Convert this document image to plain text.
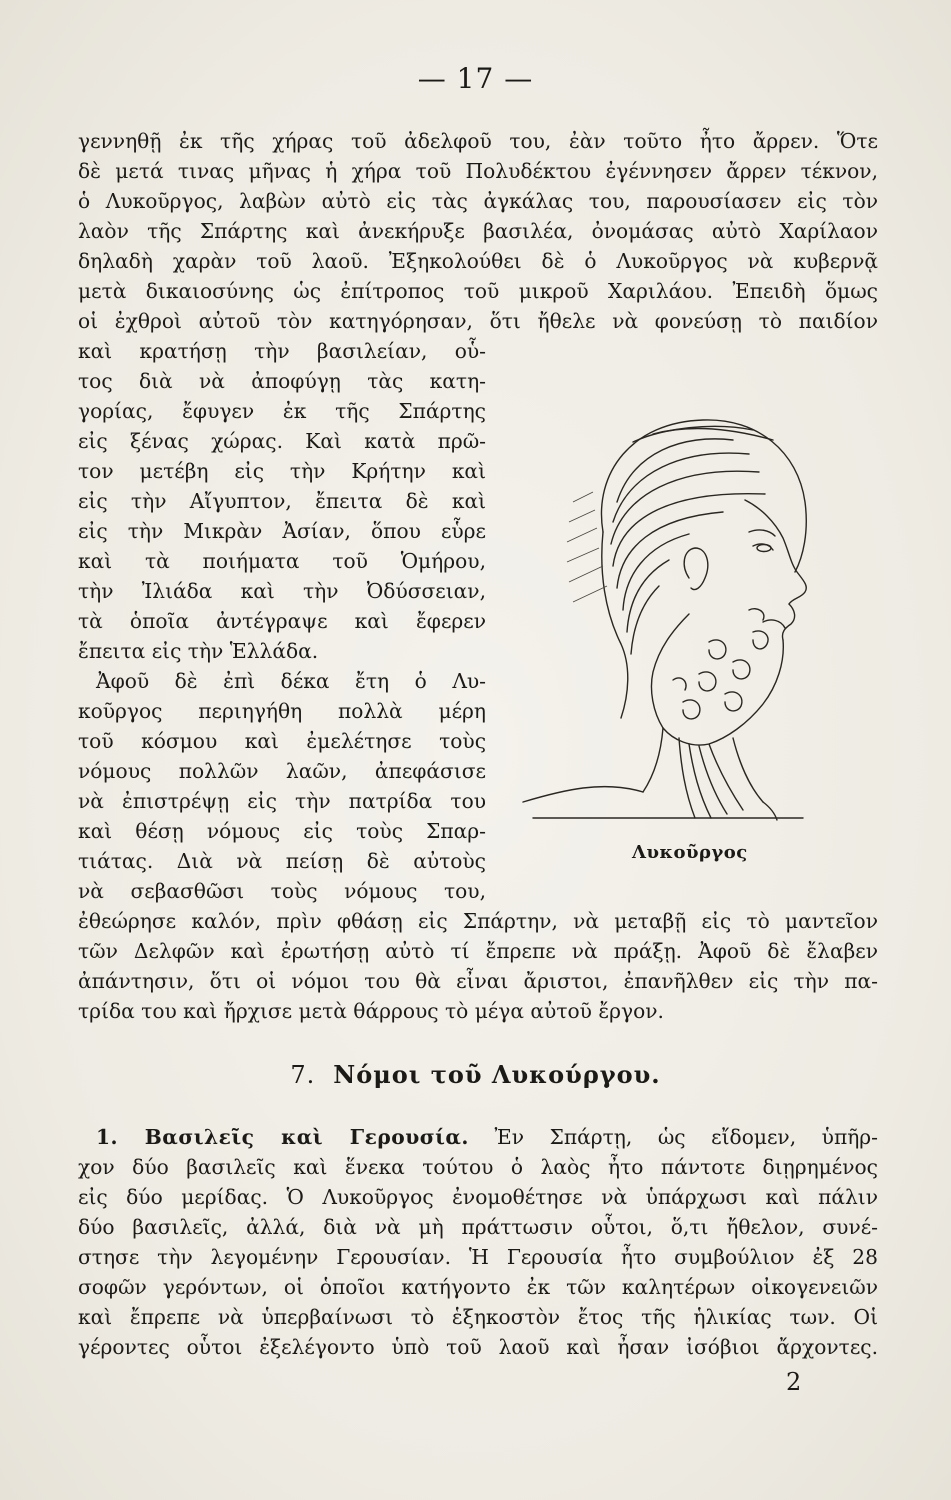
— 17 —
γεννηθῇ ἐκ τῆς χήρας τοῦ ἀδελφοῦ του, ἐὰν τοῦτο ἦτο ἄρρεν. Ὅτε
δὲ μετά τινας μῆνας ἡ χήρα τοῦ Πολυδέκτου ἐγέννησεν ἄρρεν τέκνον,
ὁ Λυκοῦργος, λαβὼν αὐτὸ εἰς τὰς ἀγκάλας του, παρουσίασεν εἰς τὸν
λαὸν τῆς Σπάρτης καὶ ἀνεκήρυξε βασιλέα, ὀνομάσας αὐτὸ Χαρίλαον
δηλαδὴ χαρὰν τοῦ λαοῦ. Ἐξηκολούθει δὲ ὁ Λυκοῦργος νὰ κυβερνᾷ
μετὰ δικαιοσύνης ὡς ἐπίτροπος τοῦ μικροῦ Χαριλάου. Ἐπειδὴ ὅμως
οἱ ἐχθροὶ αὐτοῦ τὸν κατηγόρησαν, ὅτι ἤθελε νὰ φονεύσῃ τὸ παιδίον
καὶ κρατήσῃ τὴν βασιλείαν, οὗ-
τος διὰ νὰ ἀποφύγῃ τὰς κατη-
γορίας, ἔφυγεν ἐκ τῆς Σπάρτης
εἰς ξένας χώρας. Καὶ κατὰ πρῶ-
τον μετέβη εἰς τὴν Κρήτην καὶ
εἰς τὴν Αἴγυπτον, ἔπειτα δὲ καὶ
εἰς τὴν Μικρὰν Ἀσίαν, ὅπου εὗρε
καὶ τὰ ποιήματα τοῦ Ὁμήρου,
τὴν Ἰλιάδα καὶ τὴν Ὀδύσσειαν,
τὰ ὁποῖα ἀντέγραψε καὶ ἔφερεν
ἔπειτα εἰς τὴν Ἑλλάδα.
Ἀφοῦ δὲ ἐπὶ δέκα ἔτη ὁ Λυ-
κοῦργος περιηγήθη πολλὰ μέρη
τοῦ κόσμου καὶ ἐμελέτησε τοὺς
νόμους πολλῶν λαῶν, ἀπεφάσισε
νὰ ἐπιστρέψῃ εἰς τὴν πατρίδα του
καὶ θέσῃ νόμους εἰς τοὺς Σπαρ-
τιάτας. Διὰ νὰ πείσῃ δὲ αὐτοὺς
νὰ σεβασθῶσι τοὺς νόμους του,
Λυκοῦργος
ἐθεώρησε καλόν, πρὶν φθάσῃ εἰς Σπάρτην, νὰ μεταβῇ εἰς τὸ μαντεῖον
τῶν Δελφῶν καὶ ἐρωτήσῃ αὐτὸ τί ἔπρεπε νὰ πράξῃ. Ἀφοῦ δὲ ἔλαβεν
ἀπάντησιν, ὅτι οἱ νόμοι του θὰ εἶναι ἄριστοι, ἐπανῆλθεν εἰς τὴν πα-
τρίδα του καὶ ἤρχισε μετὰ θάρρους τὸ μέγα αὐτοῦ ἔργον.
7. Νόμοι τοῦ Λυκούργου.
1. Βασιλεῖς καὶ Γερουσία. Ἐν Σπάρτῃ, ὡς εἴδομεν, ὑπῆρ-
χον δύο βασιλεῖς καὶ ἕνεκα τούτου ὁ λαὸς ἦτο πάντοτε διῃρημένος
εἰς δύο μερίδας. Ὁ Λυκοῦργος ἐνομοθέτησε νὰ ὑπάρχωσι καὶ πάλιν
δύο βασιλεῖς, ἀλλά, διὰ νὰ μὴ πράττωσιν οὗτοι, ὅ,τι ἤθελον, συνέ-
στησε τὴν λεγομένην Γερουσίαν. Ἡ Γερουσία ἦτο συμβούλιον ἐξ 28
σοφῶν γερόντων, οἱ ὁποῖοι κατήγοντο ἐκ τῶν καλητέρων οἰκογενειῶν
καὶ ἔπρεπε νὰ ὑπερβαίνωσι τὸ ἑξηκοστὸν ἔτος τῆς ἡλικίας των. Οἱ
γέροντες οὗτοι ἐξελέγοντο ὑπὸ τοῦ λαοῦ καὶ ἦσαν ἰσόβιοι ἄρχοντες.
2
